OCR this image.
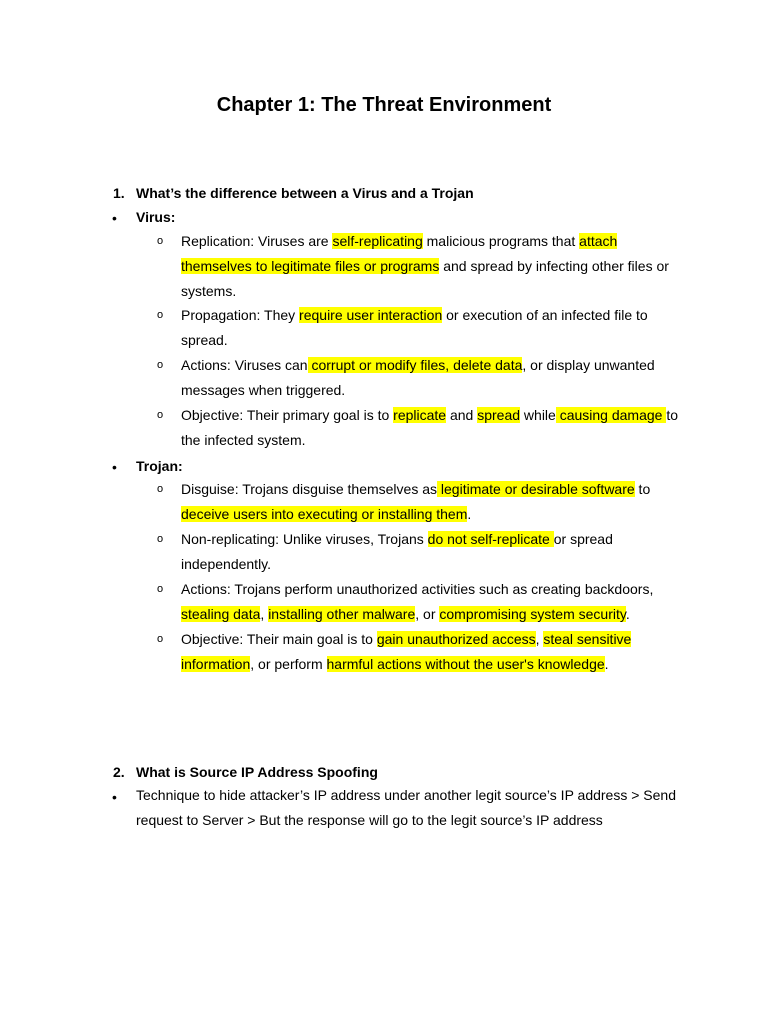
Chapter 1: The Threat Environment
1. What’s the difference between a Virus and a Trojan
• Virus:
o	Replication: Viruses are self-replicating malicious programs that attach themselves to legitimate files or programs and spread by infecting other files or systems.

o	Propagation: They require user interaction or execution of an infected file to spread.

o	Actions: Viruses can corrupt or modify files, delete data, or display unwanted messages when triggered.

o	Objective: Their primary goal is to replicate and spread while causing damage to the infected system.

• Trojan:
o	Disguise: Trojans disguise themselves as legitimate or desirable software to deceive users into executing or installing them.

o	Non-replicating: Unlike viruses, Trojans do not self-replicate or spread independently.

o	Actions: Trojans perform unauthorized activities such as creating backdoors, stealing data, installing other malware, or compromising system security.

o	Objective: Their main goal is to gain unauthorized access, steal sensitive information, or perform harmful actions without the user's knowledge.

2. What is Source IP Address Spoofing
• Technique to hide attacker’s IP address under another legit source’s IP address > Send request to Server > But the response will go to the legit source’s IP address
